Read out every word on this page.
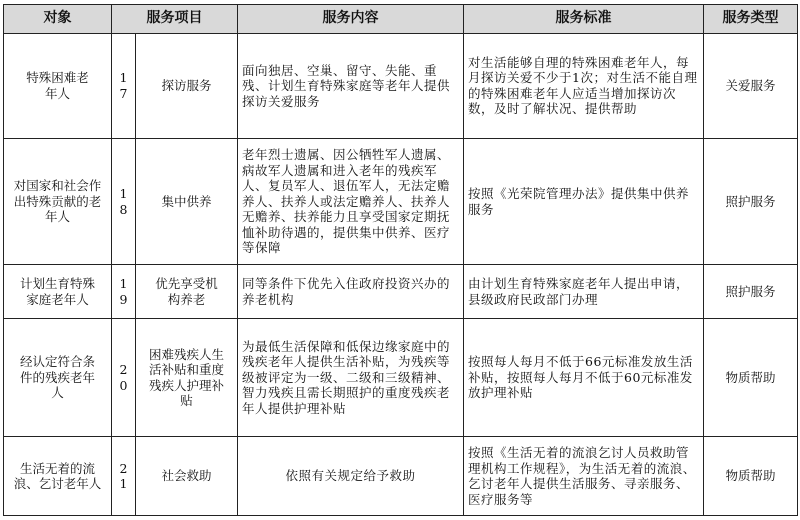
对象	服务项目		服务内容	服务标准	服务类型
特殊困难老年人	17	探访服务	面向独居、空巢、留守、失能、重残、计划生育特殊家庭等老年人提供探访关爱服务	对生活能够自理的特殊困难老年人，每月探访关爱不少于1次；对生活不能自理的特殊困难老年人应适当增加探访次数，及时了解状况、提供帮助	关爱服务
对国家和社会作出特殊贡献的老年人	18	集中供养	老年烈士遗属、因公牺牲军人遗属、病故军人遗属和进入老年的残疾军人、复员军人、退伍军人，无法定赡养人、扶养人或法定赡养人、扶养人无赡养、扶养能力且享受国家定期抚恤补助待遇的，提供集中供养、医疗等保障	按照《光荣院管理办法》提供集中供养服务	照护服务
计划生育特殊家庭老年人	19	优先享受机构养老	同等条件下优先入住政府投资兴办的养老机构	由计划生育特殊家庭老年人提出申请，县级政府民政部门办理	照护服务
经认定符合条件的残疾老年人	20	困难残疾人生活补贴和重度残疾人护理补贴	为最低生活保障和低保边缘家庭中的残疾老年人提供生活补贴，为残疾等级被评定为一级、二级和三级精神、智力残疾且需长期照护的重度残疾老年人提供护理补贴	按照每人每月不低于66元标准发放生活补贴，按照每人每月不低于60元标准发放护理补贴	物质帮助
生活无着的流浪、乞讨老年人	21	社会救助	依照有关规定给予救助	按照《生活无着的流浪乞讨人员救助管理机构工作规程》，为生活无着的流浪、乞讨老年人提供生活服务、寻亲服务、医疗服务等	物质帮助
